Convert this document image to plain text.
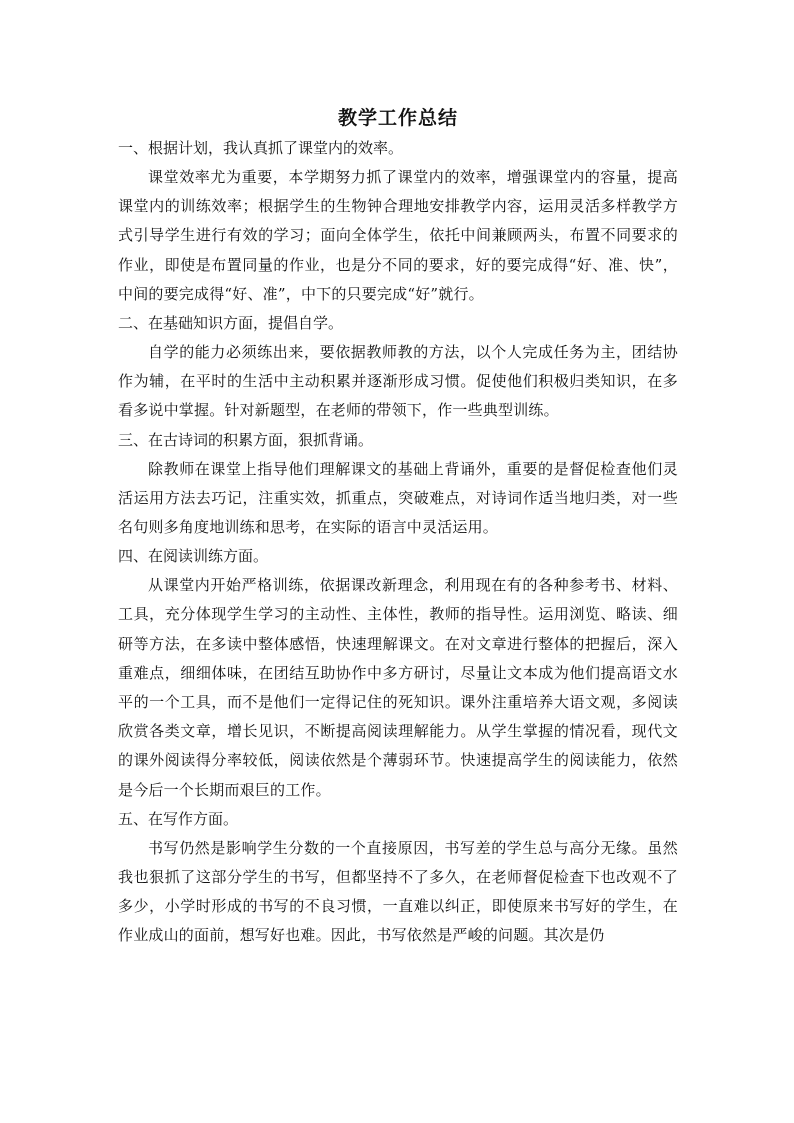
教学工作总结

一、根据计划，我认真抓了课堂内的效率。

课堂效率尤为重要，本学期努力抓了课堂内的效率，增强课堂内的容量，提高课堂内的训练效率；根据学生的生物钟合理地安排教学内容，运用灵活多样教学方式引导学生进行有效的学习；面向全体学生，依托中间兼顾两头，布置不同要求的作业，即使是布置同量的作业，也是分不同的要求，好的要完成得“好、准、快”，中间的要完成得“好、准”，中下的只要完成“好”就行。

二、在基础知识方面，提倡自学。

自学的能力必须练出来，要依据教师教的方法，以个人完成任务为主，团结协作为辅，在平时的生活中主动积累并逐渐形成习惯。促使他们积极归类知识，在多看多说中掌握。针对新题型，在老师的带领下，作一些典型训练。

三、在古诗词的积累方面，狠抓背诵。

除教师在课堂上指导他们理解课文的基础上背诵外，重要的是督促检查他们灵活运用方法去巧记，注重实效，抓重点，突破难点，对诗词作适当地归类，对一些名句则多角度地训练和思考，在实际的语言中灵活运用。

四、在阅读训练方面。

从课堂内开始严格训练，依据课改新理念，利用现在有的各种参考书、材料、工具，充分体现学生学习的主动性、主体性，教师的指导性。运用浏览、略读、细研等方法，在多读中整体感悟，快速理解课文。在对文章进行整体的把握后，深入重难点，细细体味，在团结互助协作中多方研讨，尽量让文本成为他们提高语文水平的一个工具，而不是他们一定得记住的死知识。课外注重培养大语文观，多阅读欣赏各类文章，增长见识，不断提高阅读理解能力。从学生掌握的情况看，现代文的课外阅读得分率较低，阅读依然是个薄弱环节。快速提高学生的阅读能力，依然是今后一个长期而艰巨的工作。

五、在写作方面。

书写仍然是影响学生分数的一个直接原因，书写差的学生总与高分无缘。虽然我也狠抓了这部分学生的书写，但都坚持不了多久，在老师督促检查下也改观不了多少，小学时形成的书写的不良习惯，一直难以纠正，即使原来书写好的学生，在作业成山的面前，想写好也难。因此，书写依然是严峻的问题。其次是仍
